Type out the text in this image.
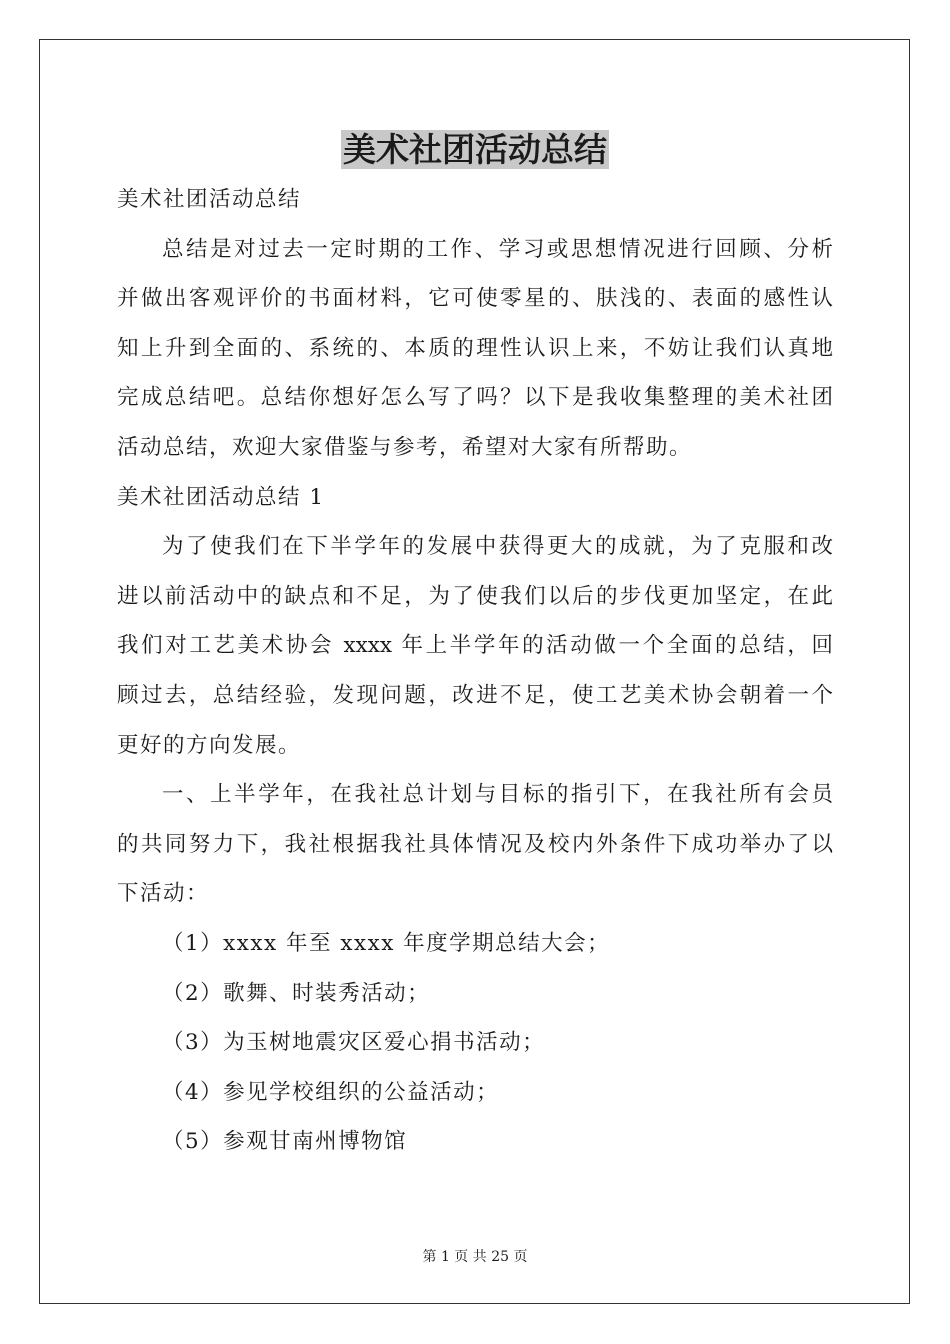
美术社团活动总结
美术社团活动总结
总结是对过去一定时期的工作、学习或思想情况进行回顾、分析
并做出客观评价的书面材料，它可使零星的、肤浅的、表面的感性认
知上升到全面的、系统的、本质的理性认识上来，不妨让我们认真地
完成总结吧。总结你想好怎么写了吗？以下是我收集整理的美术社团
活动总结，欢迎大家借鉴与参考，希望对大家有所帮助。
美术社团活动总结 1
为了使我们在下半学年的发展中获得更大的成就，为了克服和改
进以前活动中的缺点和不足，为了使我们以后的步伐更加坚定，在此
我们对工艺美术协会 xxxx 年上半学年的活动做一个全面的总结，回
顾过去，总结经验，发现问题，改进不足，使工艺美术协会朝着一个
更好的方向发展。
一、上半学年，在我社总计划与目标的指引下，在我社所有会员
的共同努力下，我社根据我社具体情况及校内外条件下成功举办了以
下活动：
（1）xxxx 年至 xxxx 年度学期总结大会；
（2）歌舞、时装秀活动；
（3）为玉树地震灾区爱心捐书活动；
（4）参见学校组织的公益活动；
（5）参观甘南州博物馆
第 1 页 共 25 页
